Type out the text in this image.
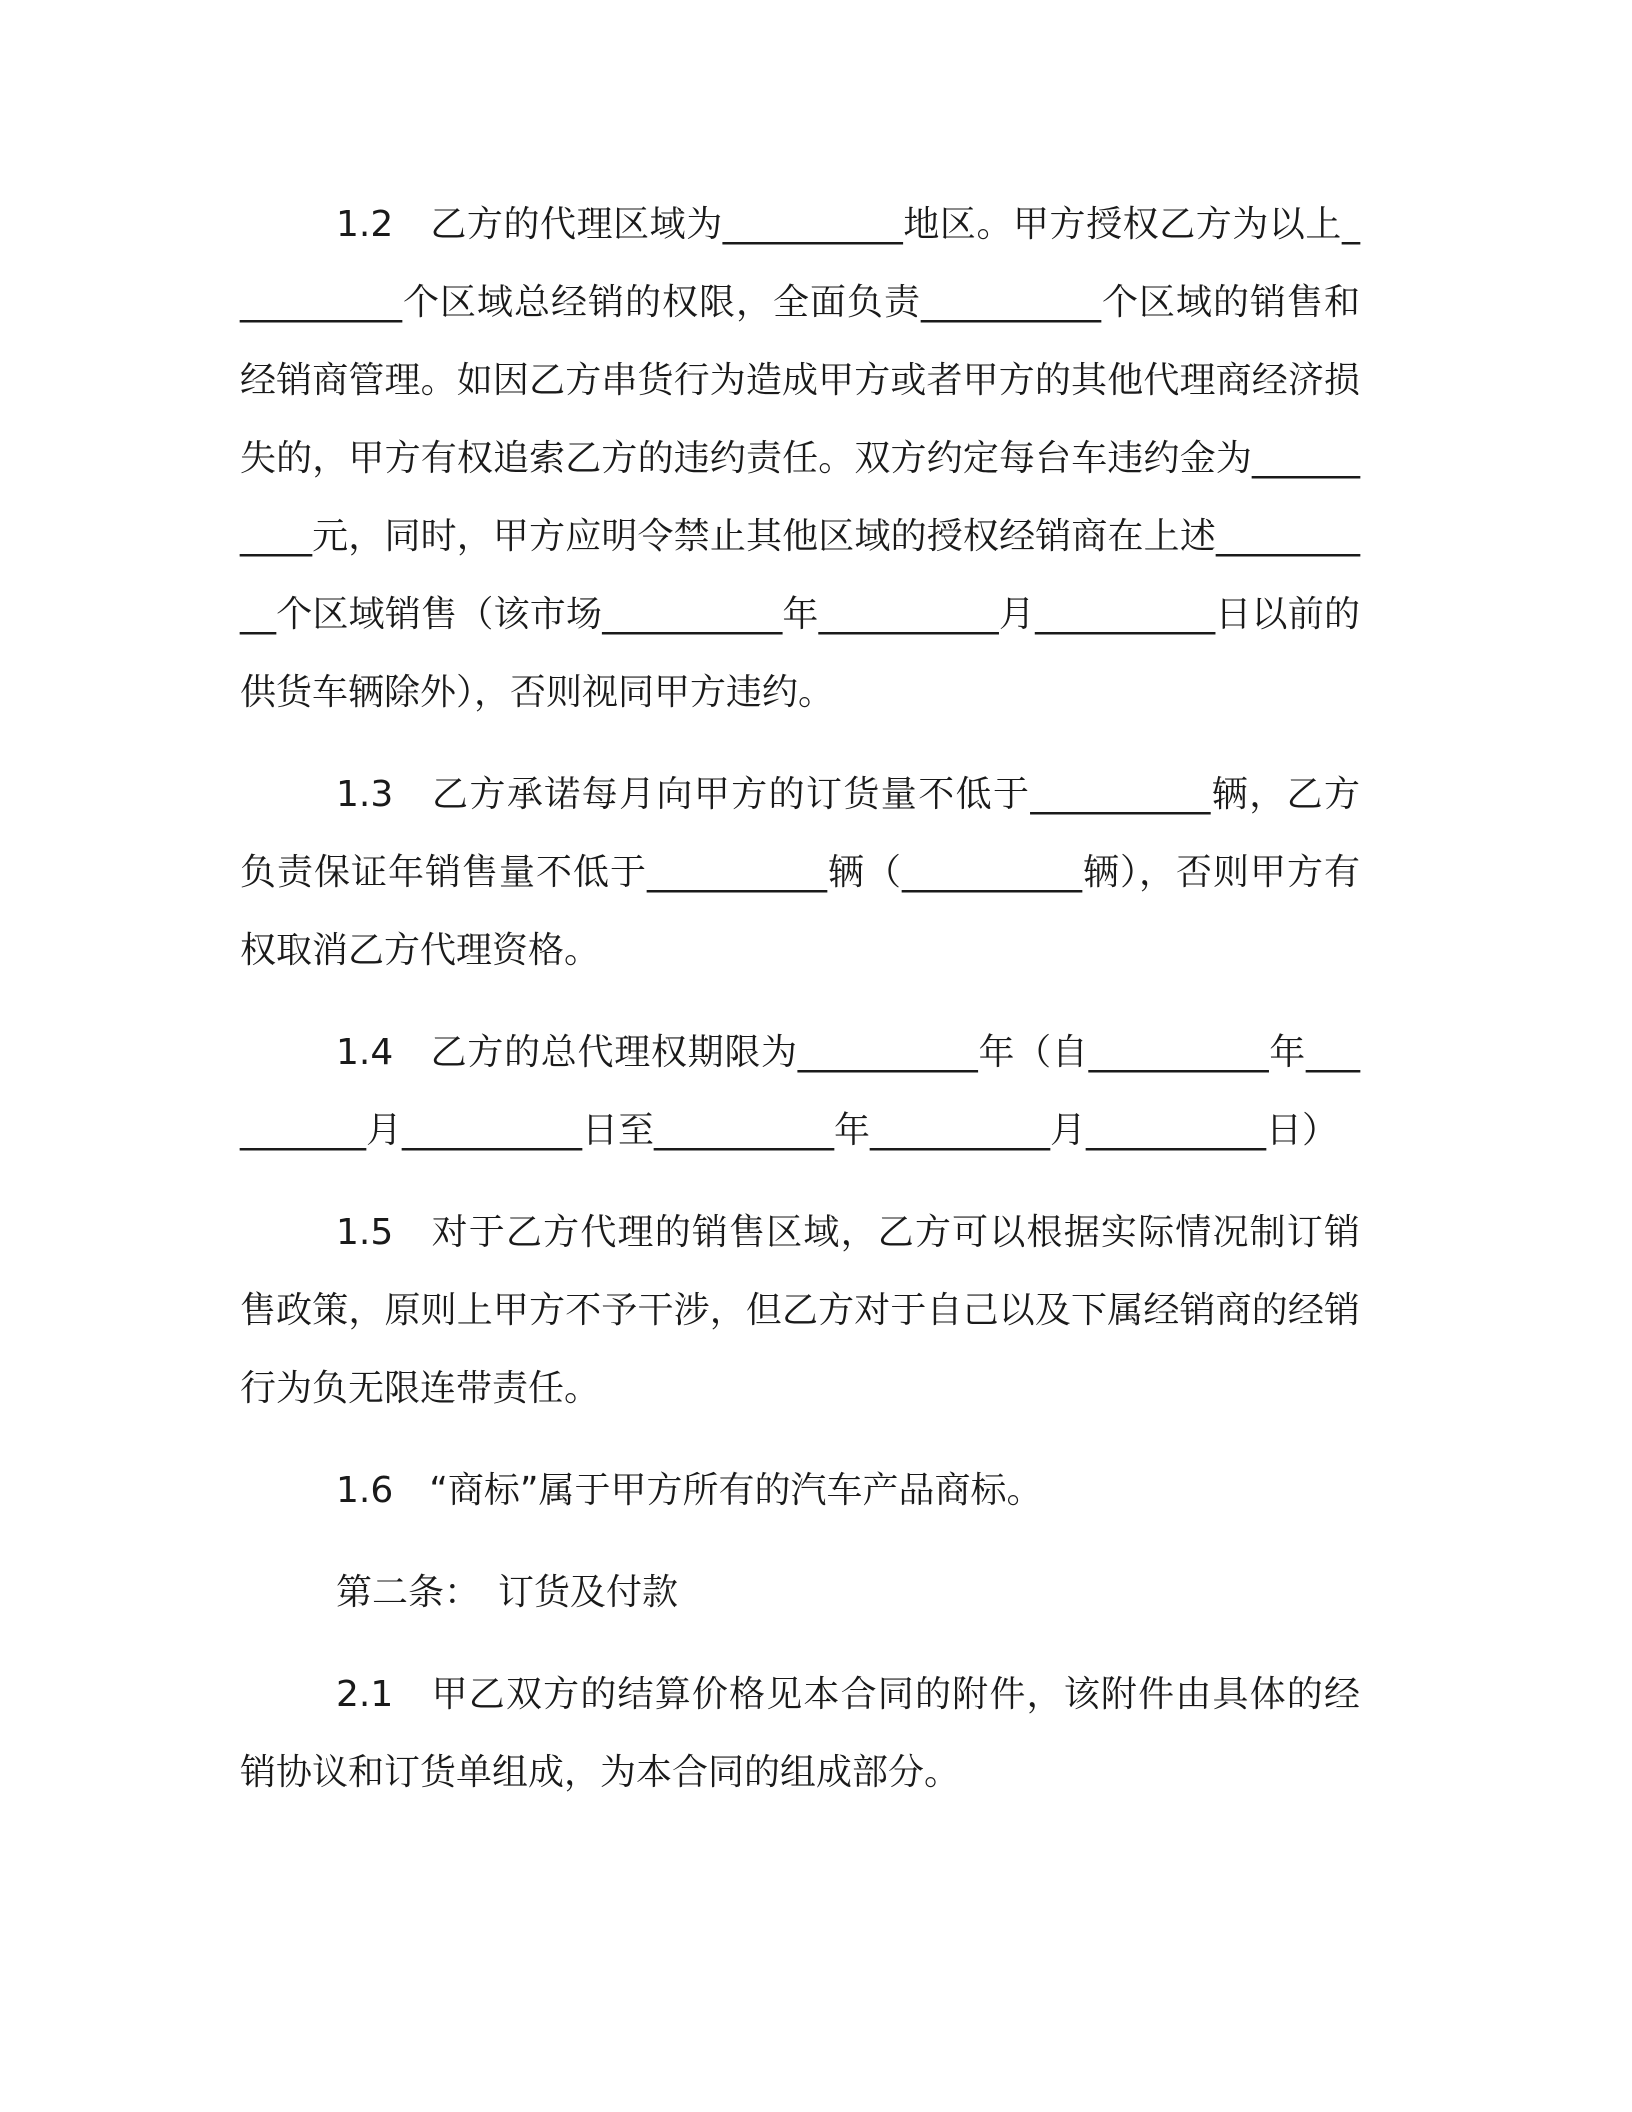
1.2　乙方的代理区域为__________地区。甲方授权乙方为以上__________个区域总经销的权限，全面负责__________个区域的销售和经销商管理。如因乙方串货行为造成甲方或者甲方的其他代理商经济损失的，甲方有权追索乙方的违约责任。双方约定每台车违约金为__________元，同时，甲方应明令禁止其他区域的授权经销商在上述__________个区域销售（该市场__________年__________月__________日以前的供货车辆除外），否则视同甲方违约。

1.3　乙方承诺每月向甲方的订货量不低于__________辆，乙方负责保证年销售量不低于__________辆（__________辆），否则甲方有权取消乙方代理资格。

1.4　乙方的总代理权期限为__________年（自__________年__________月__________日至__________年__________月__________日）

1.5　对于乙方代理的销售区域，乙方可以根据实际情况制订销售政策，原则上甲方不予干涉，但乙方对于自己以及下属经销商的经销行为负无限连带责任。

1.6　“商标”属于甲方所有的汽车产品商标。

第二条：　订货及付款

2.1　甲乙双方的结算价格见本合同的附件，该附件由具体的经销协议和订货单组成，为本合同的组成部分。
